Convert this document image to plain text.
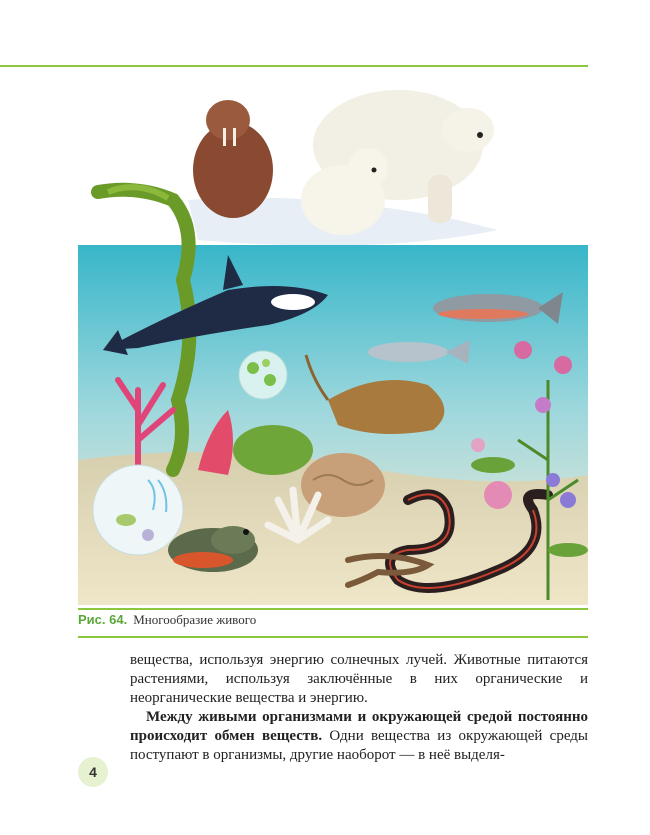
Рис. 64. Многообразие живого

вещества, используя энергию солнечных лучей. Животные питаются растениями, используя заключённые в них органические и неорганические вещества и энергию.

Между живыми организмами и окружающей средой постоянно происходит обмен веществ. Одни вещества из окружающей среды поступают в организмы, другие наоборот — в неё выделя-

4
